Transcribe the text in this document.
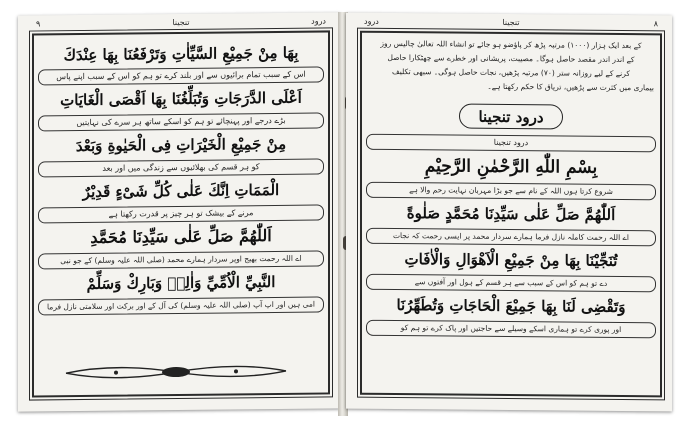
درود
تنجینا
٩
بِهَا مِنْ جَمِيْعِ السَّيِّاٰتِ وَتَرْفَعُنَا بِهَا عِنْدَكَ
اس کے سبب تمام برائیوں سے اور بلند کرے تو ہم کو اس کے سبب اپنے پاس
اَعْلَى الدَّرَجَاتِ وَتُبَلِّغُنَا بِهَا اَقْصَى الْغَايَاتِ
بڑے درجے اور پہنچائے تو ہم کو اسکے ساتھ ہر سرے کی نہایتیں
مِنْ جَمِيْعِ الْخَيْرَاتِ فِى الْحَيٰوةِ وَبَعْدَ
کو ہر قسم کی بھلائیوں سے زندگی میں اور بعد
الْمَمَاتِ اِنَّكَ عَلٰى كُلِّ شَىْءٍ قَدِيْرٌ
مرنے کے بیشک تو ہر چیز پر قدرت رکھتا ہے
اَللّٰهُمَّ صَلِّ عَلٰى سَيِّدِنَا مُحَمَّدِ
اے اللہ رحمت بھیج اوپر سردار ہمارے محمد (صلی اللہ علیہ وسلم) کے جو نبی
النَّبِيِّ الْاُمِّيِّ وَاٰلِهٖ وَبَارِكْ وَسَلِّمْ
امی ہیں اور اپ آپ (صلی اللہ علیہ وسلم) کی آل کے اور برکت اور سلامتی نازل فرما
٨
تنجینا
درود
کے بعد ایک ہزار (۱۰۰۰) مرتبہ پڑھ کر پاؤضو ہو جائے تو انشاء اللہ تعالیٰ چالیس روز
کے اندر اندر مقصد حاصل ہوگا۔ مصیبت، پریشانی اور خطرے سے چھٹکارا حاصل
کرنے کے لیے روزانہ ستر (۷۰) مرتبہ پڑھیں، نجات حاصل ہوگی۔ سبھی تکلیف
بیماری میں کثرت سے پڑھیں، تریاق کا حکم رکھتا ہے۔
درود تنجینا
درود تنجینا
بِسْمِ اللّٰهِ الرَّحْمٰنِ الرَّحِيْمِ
شروع کرتا ہوں اللہ کے نام سے جو بڑا مہربان نہایت رحم والا ہے
اَللّٰهُمَّ صَلِّ عَلٰى سَيِّدِنَا مُحَمَّدٍ صَلٰوةً
اے اللہ رحمت کاملہ نازل فرما ہمارے سردار محمد پر ایسی رحمت کہ نجات
تُنَجِّيْنَا بِهَا مِنْ جَمِيْعِ الْاَهْوَالِ وَالْاٰفَاتِ
دے تو ہم کو اس کے سبب سے ہر قسم کے ہول اور آفتوں سے
وَتَقْضِى لَنَا بِهَا جَمِيْعَ الْحَاجَاتِ وَتُطَهِّرُنَا
اور پوری کرے تو ہماری اسکے وسیلے سے حاجتیں اور پاک کرے تو ہم کو
